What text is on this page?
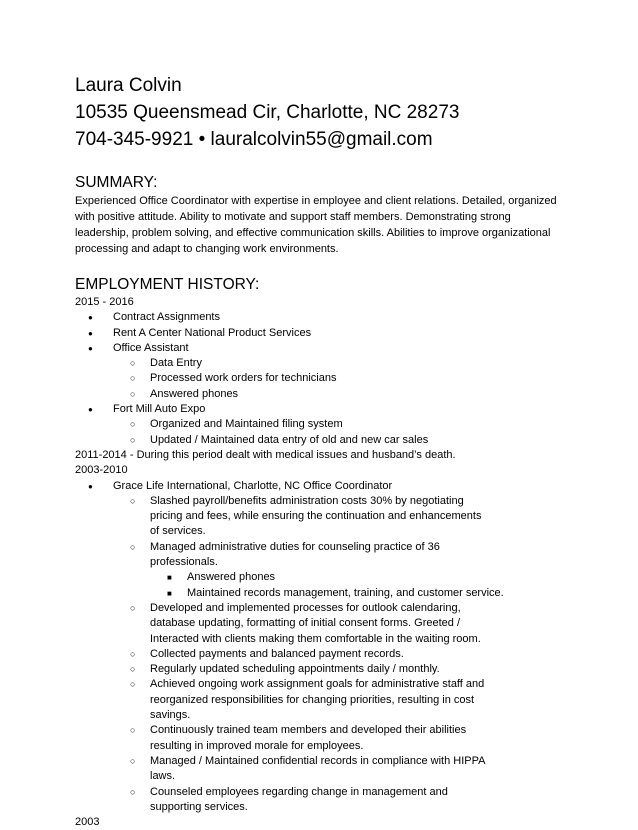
Laura Colvin

10535 Queensmead Cir, Charlotte, NC 28273

704-345-9921 • lauralcolvin55@gmail.com

SUMMARY:

Experienced Office Coordinator with expertise in employee and client relations. Detailed, organized with positive attitude. Ability to motivate and support staff members. Demonstrating strong leadership, problem solving, and effective communication skills. Abilities to improve organizational processing and adapt to changing work environments.

EMPLOYMENT HISTORY:

2015 - 2016

● Contract Assignments
● Rent A Center National Product Services
● Office Assistant
○ Data Entry
○ Processed work orders for technicians
○ Answered phones
● Fort Mill Auto Expo
○ Organized and Maintained filing system
○ Updated / Maintained data entry of old and new car sales

2011-2014 - During this period dealt with medical issues and husband’s death.

2003-2010

● Grace Life International, Charlotte, NC Office Coordinator
○ Slashed payroll/benefits administration costs 30% by negotiating pricing and fees, while ensuring the continuation and enhancements of services.
○ Managed administrative duties for counseling practice of 36 professionals.
■ Answered phones
■ Maintained records management, training, and customer service.
○ Developed and implemented processes for outlook calendaring, database updating, formatting of initial consent forms. Greeted / Interacted with clients making them comfortable in the waiting room.
○ Collected payments and balanced payment records.
○ Regularly updated scheduling appointments daily / monthly.
○ Achieved ongoing work assignment goals for administrative staff and reorganized responsibilities for changing priorities, resulting in cost savings.
○ Continuously trained team members and developed their abilities resulting in improved morale for employees.
○ Managed / Maintained confidential records in compliance with HIPPA laws.
○ Counseled employees regarding change in management and supporting services.

2003
